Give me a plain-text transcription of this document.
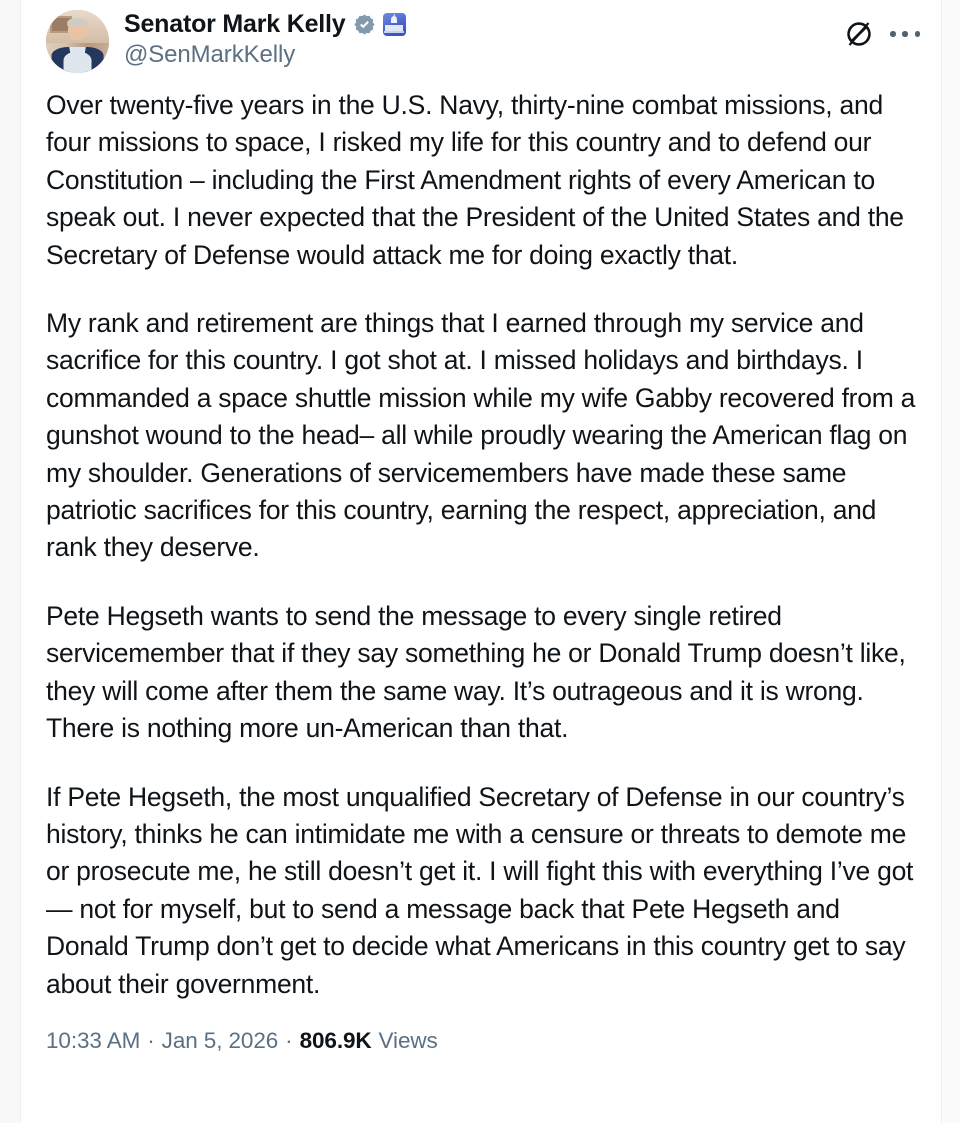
Senator Mark Kelly
@SenMarkKelly

Over twenty-five years in the U.S. Navy, thirty-nine combat missions, and four missions to space, I risked my life for this country and to defend our Constitution – including the First Amendment rights of every American to speak out. I never expected that the President of the United States and the Secretary of Defense would attack me for doing exactly that.

My rank and retirement are things that I earned through my service and sacrifice for this country. I got shot at. I missed holidays and birthdays. I commanded a space shuttle mission while my wife Gabby recovered from a gunshot wound to the head– all while proudly wearing the American flag on my shoulder. Generations of servicemembers have made these same patriotic sacrifices for this country, earning the respect, appreciation, and rank they deserve.

Pete Hegseth wants to send the message to every single retired servicemember that if they say something he or Donald Trump doesn’t like, they will come after them the same way. It’s outrageous and it is wrong. There is nothing more un-American than that.

If Pete Hegseth, the most unqualified Secretary of Defense in our country’s history, thinks he can intimidate me with a censure or threats to demote me or prosecute me, he still doesn’t get it. I will fight this with everything I’ve got — not for myself, but to send a message back that Pete Hegseth and Donald Trump don’t get to decide what Americans in this country get to say about their government.

10:33 AM · Jan 5, 2026 · 806.9K Views
